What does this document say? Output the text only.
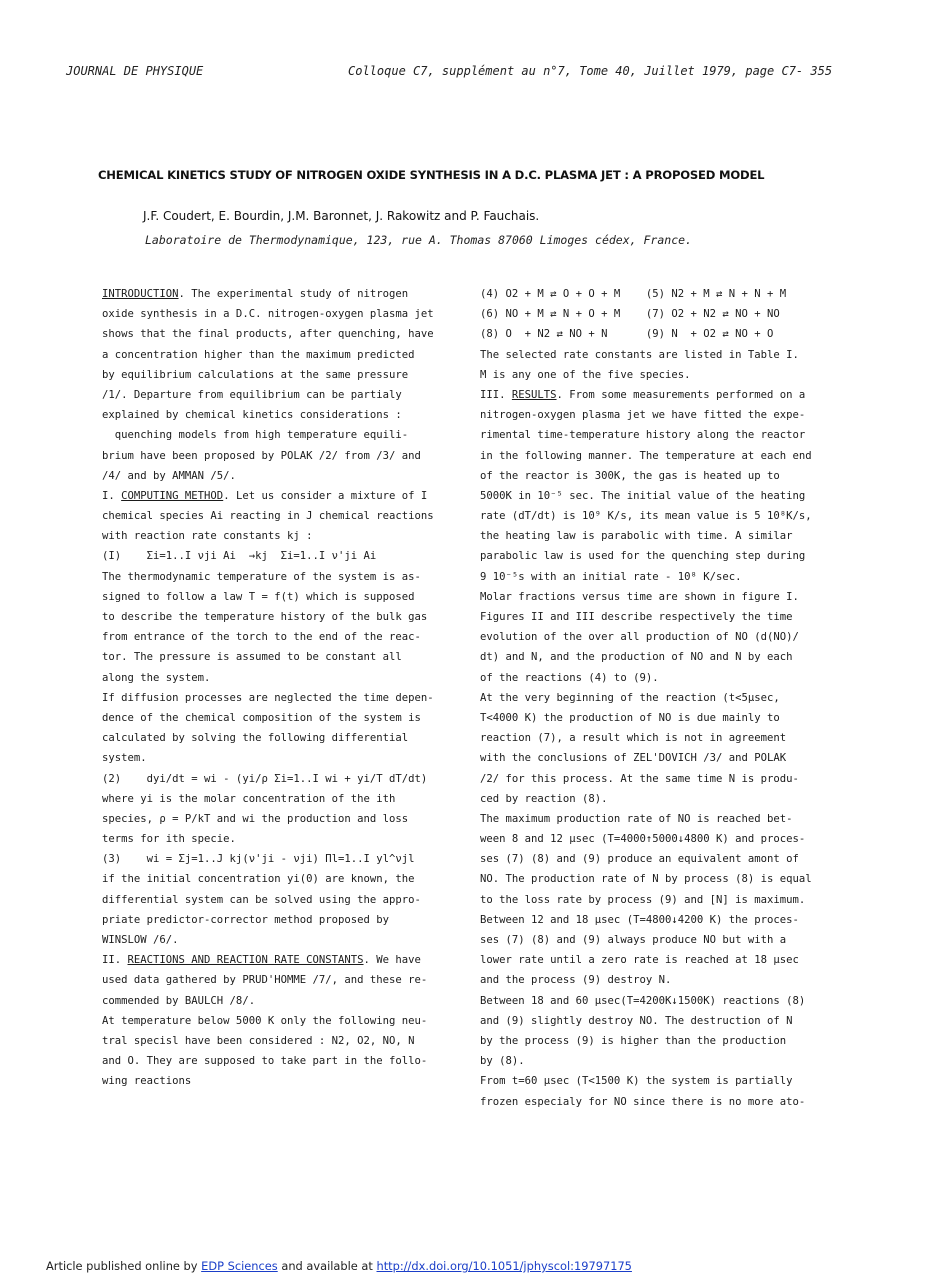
JOURNAL DE PHYSIQUE	Colloque C7, supplément au n°7, Tome 40, Juillet 1979, page C7- 355
CHEMICAL KINETICS STUDY OF NITROGEN OXIDE SYNTHESIS IN A D.C. PLASMA JET : A PROPOSED MODEL
J.F. Coudert, E. Bourdin, J.M. Baronnet, J. Rakowitz and P. Fauchais.
Laboratoire de Thermodynamique, 123, rue A. Thomas 87060 Limoges cédex, France.
INTRODUCTION. The experimental study of nitrogen
oxide synthesis in a D.C. nitrogen-oxygen plasma jet
shows that the final products, after quenching, have
a concentration higher than the maximum predicted
by equilibrium calculations at the same pressure
/1/. Departure from equilibrium can be partialy
explained by chemical kinetics considerations :
quenching models from high temperature equili-
brium have been proposed by POLAK /2/ from /3/ and
/4/ and by AMMAN /5/.
I. COMPUTING METHOD. Let us consider a mixture of I
chemical species Ai reacting in J chemical reactions
with reaction rate constants kj :
(I)    Σi=1..I νji Ai  →kj  Σi=1..I ν'ji Ai
The thermodynamic temperature of the system is as-
signed to follow a law T = f(t) which is supposed
to describe the temperature history of the bulk gas
from entrance of the torch to the end of the reac-
tor. The pressure is assumed to be constant all
along the system.
If diffusion processes are neglected the time depen-
dence of the chemical composition of the system is
calculated by solving the following differential
system.
(2)    dyi/dt = wi - (yi/ρ Σi=1..I wi + yi/T dT/dt)
where yi is the molar concentration of the ith
species, ρ = P/kT and wi the production and loss
terms for ith specie.
(3)    wi = Σj=1..J kj(ν'ji - νji) Πl=1..I yl^νjl
if the initial concentration yi(0) are known, the
differential system can be solved using the appro-
priate predictor-corrector method proposed by
WINSLOW /6/.
II. REACTIONS AND REACTION RATE CONSTANTS. We have
used data gathered by PRUD'HOMME /7/, and these re-
commended by BAULCH /8/.
At temperature below 5000 K only the following neu-
tral specisl have been considered : N2, O2, NO, N
and O. They are supposed to take part in the follo-
wing reactions
(4) O2 + M ⇄ O + O + M    (5) N2 + M ⇄ N + N + M
(6) NO + M ⇄ N + O + M    (7) O2 + N2 ⇄ NO + NO
(8) O  + N2 ⇄ NO + N      (9) N  + O2 ⇄ NO + O
The selected rate constants are listed in Table I.
M is any one of the five species.
III. RESULTS. From some measurements performed on a
nitrogen-oxygen plasma jet we have fitted the expe-
rimental time-temperature history along the reactor
in the following manner. The temperature at each end
of the reactor is 300K, the gas is heated up to
5000K in 10⁻⁵ sec. The initial value of the heating
rate (dT/dt) is 10⁹ K/s, its mean value is 5 10⁸K/s,
the heating law is parabolic with time. A similar
parabolic law is used for the quenching step during
9 10⁻⁵s with an initial rate - 10⁸ K/sec.
Molar fractions versus time are shown in figure I.
Figures II and III describe respectively the time
evolution of the over all production of NO (d(NO)/
dt) and N, and the production of NO and N by each
of the reactions (4) to (9).
At the very beginning of the reaction (t<5μsec,
T<4000 K) the production of NO is due mainly to
reaction (7), a result which is not in agreement
with the conclusions of ZEL'DOVICH /3/ and POLAK
/2/ for this process. At the same time N is produ-
ced by reaction (8).
The maximum production rate of NO is reached bet-
ween 8 and 12 μsec (T=4000↑5000↓4800 K) and proces-
ses (7) (8) and (9) produce an equivalent amont of
NO. The production rate of N by process (8) is equal
to the loss rate by process (9) and [N] is maximum.
Between 12 and 18 μsec (T=4800↓4200 K) the proces-
ses (7) (8) and (9) always produce NO but with a
lower rate until a zero rate is reached at 18 μsec
and the process (9) destroy N.
Between 18 and 60 μsec(T=4200K↓1500K) reactions (8)
and (9) slightly destroy NO. The destruction of N
by the process (9) is higher than the production
by (8).
From t=60 μsec (T<1500 K) the system is partially
frozen especialy for NO since there is no more ato-
Article published online by EDP Sciences and available at http://dx.doi.org/10.1051/jphyscol:19797175
